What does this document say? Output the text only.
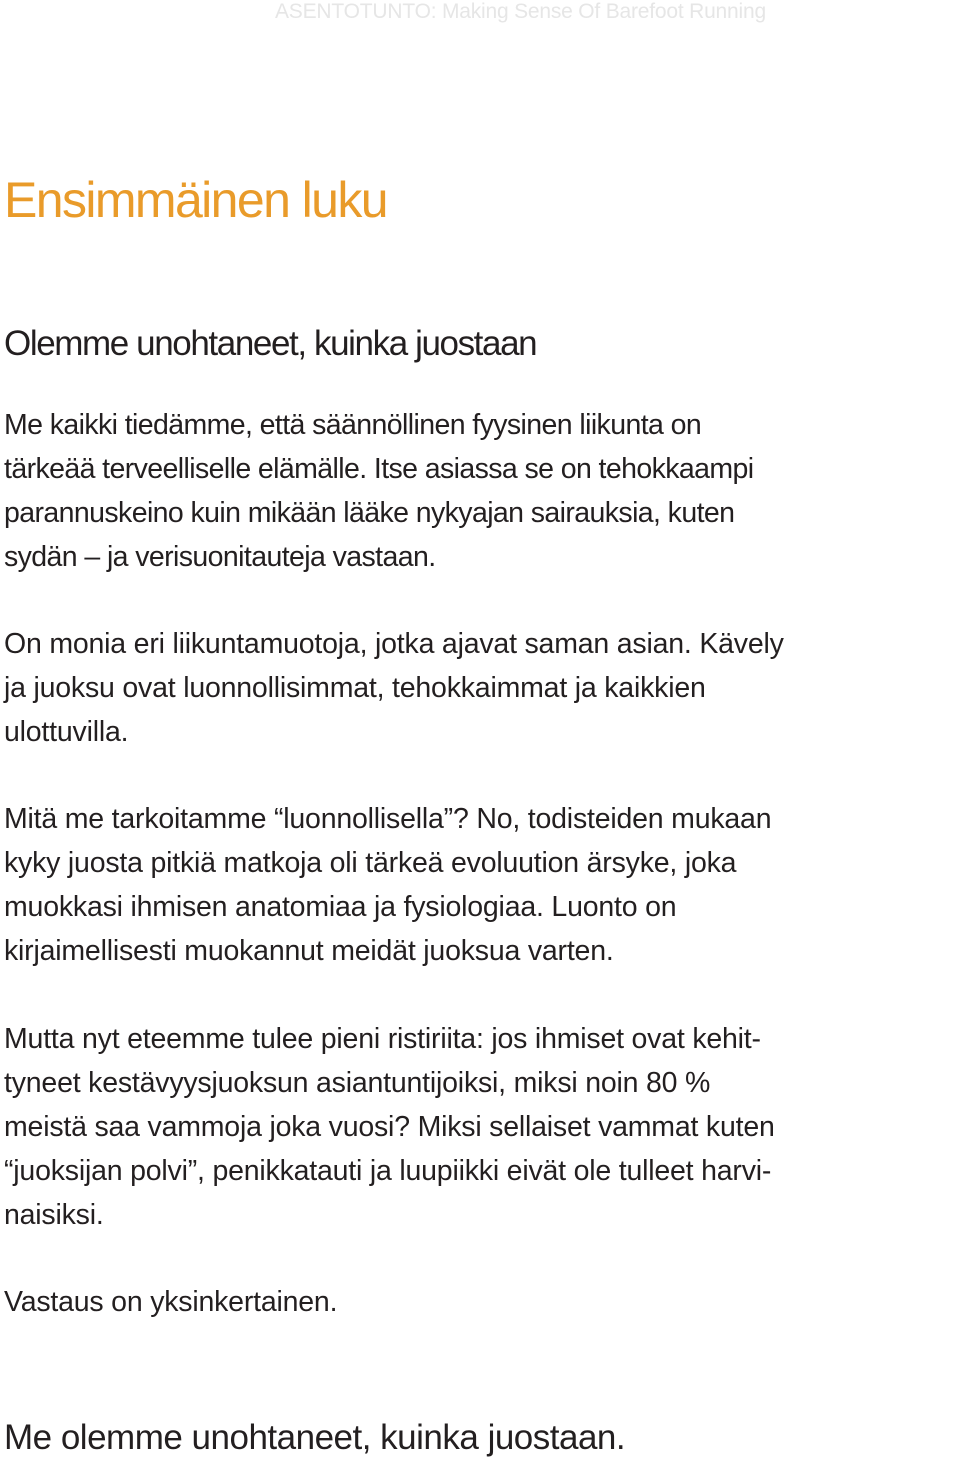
ASENTOTUNTO: Making Sense Of Barefoot Running
Ensimmäinen luku
Olemme unohtaneet, kuinka juostaan

Me kaikki tiedämme, että säännöllinen fyysinen liikunta on
tärkeää terveelliselle elämälle. Itse asiassa se on tehokkaampi
parannuskeino kuin mikään lääke nykyajan sairauksia, kuten
sydän – ja verisuonitauteja vastaan.

On monia eri liikuntamuotoja, jotka ajavat saman asian. Kävely
ja juoksu ovat luonnollisimmat, tehokkaimmat ja kaikkien
ulottuvilla.

Mitä me tarkoitamme “luonnollisella”? No, todisteiden mukaan
kyky juosta pitkiä matkoja oli tärkeä evoluution ärsyke, joka
muokkasi ihmisen anatomiaa ja fysiologiaa. Luonto on
kirjaimellisesti muokannut meidät juoksua varten.

Mutta nyt eteemme tulee pieni ristiriita: jos ihmiset ovat kehit-
tyneet kestävyysjuoksun asiantuntijoiksi, miksi noin 80 %
meistä saa vammoja joka vuosi? Miksi sellaiset vammat kuten
“juoksijan polvi”, penikkatauti ja luupiikki eivät ole tulleet harvi-
naisiksi.

Vastaus on yksinkertainen.

Me olemme unohtaneet, kuinka juostaan.
